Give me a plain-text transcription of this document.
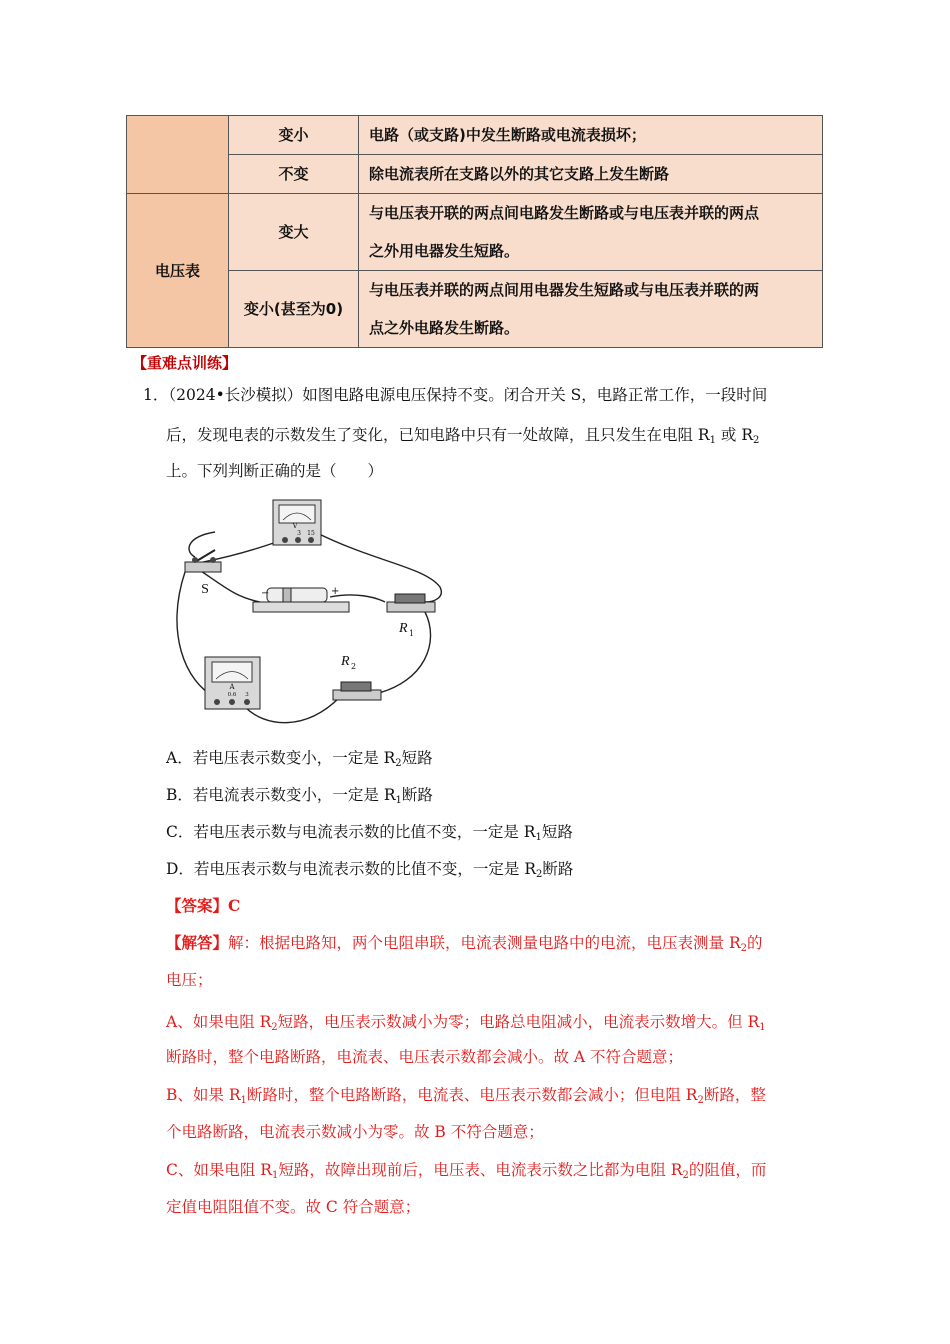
	变小	电路（或支路)中发生断路或电流表损坏；
	不变	除电流表所在支路以外的其它支路上发生断路
电压表	变大	与电压表开联的两点间电路发生断路或与电压表并联的两点
之外用电器发生短路。

	变小(甚至为0)	与电压表并联的两点间用电器发生短路或与电压表并联的两
点之外电路发生断路。
【重难点训练】
1．（2024•长沙模拟）如图电路电源电压保持不变。闭合开关 S，电路正常工作，一段时间
后，发现电表的示数发生了变化，已知电路中只有一处故障，且只发生在电阻 $R_1$ 或 $R_2$
上。下列判断正确的是（　　）
V
3 15
S	−	+
R 1
R 2
A
0.6 3
A．若电压表示数变小，一定是 $R_2$短路
B．若电流表示数变小，一定是 $R_1$断路
C．若电压表示数与电流表示数的比值不变，一定是 $R_1$短路
D．若电压表示数与电流表示数的比值不变，一定是 $R_2$断路
【答案】C
【解答】解：根据电路知，两个电阻串联，电流表测量电路中的电流，电压表测量 $R_2$的
电压；
A、如果电阻 $R_2$短路，电压表示数减小为零；电路总电阻减小，电流表示数增大。但 $R_1$
断路时，整个电路断路，电流表、电压表示数都会减小。故 A 不符合题意；
B、如果 $R_1$断路时，整个电路断路，电流表、电压表示数都会减小；但电阻 $R_2$断路，整
个电路断路，电流表示数减小为零。故 B 不符合题意；
C、如果电阻 $R_1$短路，故障出现前后，电压表、电流表示数之比都为电阻 $R_2$的阻值，而
定值电阻阻值不变。故 C 符合题意；
